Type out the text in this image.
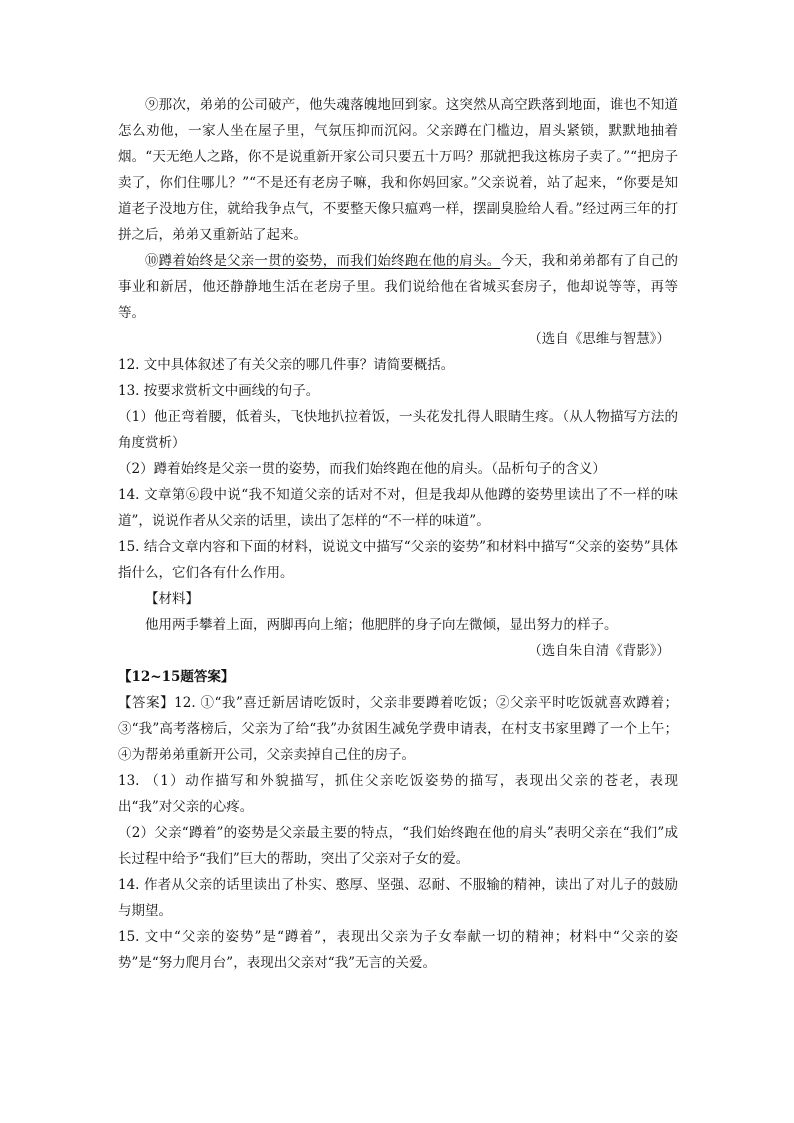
⑨那次，弟弟的公司破产，他失魂落魄地回到家。这突然从高空跌落到地面，谁也不知道怎么劝他，一家人坐在屋子里，气氛压抑而沉闷。父亲蹲在门槛边，眉头紧锁，默默地抽着烟。“天无绝人之路，你不是说重新开家公司只要五十万吗？那就把我这栋房子卖了。”“把房子卖了，你们住哪儿？”“不是还有老房子嘛，我和你妈回家。”父亲说着，站了起来，“你要是知道老子没地方住，就给我争点气，不要整天像只瘟鸡一样，摆副臭脸给人看。”经过两三年的打拼之后，弟弟又重新站了起来。

⑩蹲着始终是父亲一贯的姿势，而我们始终跑在他的肩头。今天，我和弟弟都有了自己的事业和新居，他还静静地生活在老房子里。我们说给他在省城买套房子，他却说等等，再等等。

（选自《思维与智慧》）

12. 文中具体叙述了有关父亲的哪几件事？请简要概括。

13. 按要求赏析文中画线的句子。

（1）他正弯着腰，低着头，飞快地扒拉着饭，一头花发扎得人眼睛生疼。（从人物描写方法的角度赏析）

（2）蹲着始终是父亲一贯的姿势，而我们始终跑在他的肩头。（品析句子的含义）

14. 文章第⑥段中说“我不知道父亲的话对不对，但是我却从他蹲的姿势里读出了不一样的味道”，说说作者从父亲的话里，读出了怎样的“不一样的味道”。

15. 结合文章内容和下面的材料，说说文中描写“父亲的姿势”和材料中描写“父亲的姿势”具体指什么，它们各有什么作用。

【材料】

他用两手攀着上面，两脚再向上缩；他肥胖的身子向左微倾，显出努力的样子。

（选自朱自清《背影》）

【12~15题答案】

【答案】12. ①“我”喜迁新居请吃饭时，父亲非要蹲着吃饭；②父亲平时吃饭就喜欢蹲着；③“我”高考落榜后，父亲为了给“我”办贫困生减免学费申请表，在村支书家里蹲了一个上午；④为帮弟弟重新开公司，父亲卖掉自己住的房子。

13. （1）动作描写和外貌描写，抓住父亲吃饭姿势的描写，表现出父亲的苍老，表现出“我”对父亲的心疼。

（2）父亲“蹲着”的姿势是父亲最主要的特点，“我们始终跑在他的肩头”表明父亲在“我们”成长过程中给予“我们”巨大的帮助，突出了父亲对子女的爱。

14. 作者从父亲的话里读出了朴实、憨厚、坚强、忍耐、不服输的精神，读出了对儿子的鼓励与期望。

15. 文中“父亲的姿势”是“蹲着”，表现出父亲为子女奉献一切的精神；材料中“父亲的姿势”是“努力爬月台”，表现出父亲对“我”无言的关爱。
